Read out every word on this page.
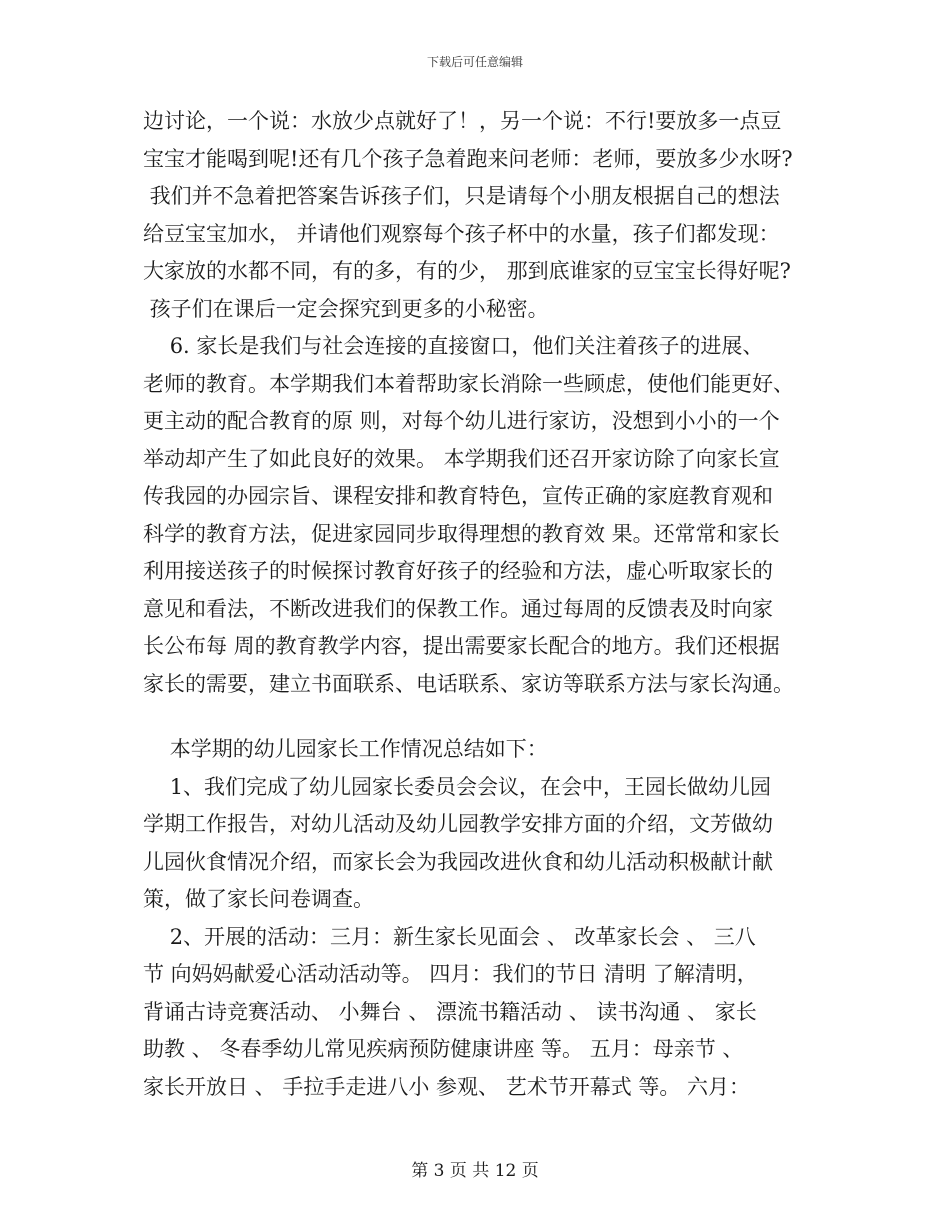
下载后可任意编辑
边讨论，一个说：水放少点就好了！，另一个说：不行!要放多一点豆
宝宝才能喝到呢!还有几个孩子急着跑来问老师：老师，要放多少水呀?
我们并不急着把答案告诉孩子们，只是请每个小朋友根据自己的想法
给豆宝宝加水， 并请他们观察每个孩子杯中的水量，孩子们都发现：
大家放的水都不同，有的多，有的少， 那到底谁家的豆宝宝长得好呢?
孩子们在课后一定会探究到更多的小秘密。
6. 家长是我们与社会连接的直接窗口，他们关注着孩子的进展、
老师的教育。本学期我们本着帮助家长消除一些顾虑，使他们能更好、
更主动的配合教育的原 则，对每个幼儿进行家访，没想到小小的一个
举动却产生了如此良好的效果。 本学期我们还召开家访除了向家长宣
传我园的办园宗旨、课程安排和教育特色，宣传正确的家庭教育观和
科学的教育方法，促进家园同步取得理想的教育效 果。还常常和家长
利用接送孩子的时候探讨教育好孩子的经验和方法，虚心听取家长的
意见和看法，不断改进我们的保教工作。通过每周的反馈表及时向家
长公布每 周的教育教学内容，提出需要家长配合的地方。我们还根据
家长的需要，建立书面联系、电话联系、家访等联系方法与家长沟通。
本学期的幼儿园家长工作情况总结如下：
1、我们完成了幼儿园家长委员会会议，在会中，王园长做幼儿园
学期工作报告，对幼儿活动及幼儿园教学安排方面的介绍，文芳做幼
儿园伙食情况介绍，而家长会为我园改进伙食和幼儿活动积极献计献
策，做了家长问卷调查。
2、开展的活动：三月：新生家长见面会 、 改革家长会 、 三八
节 向妈妈献爱心活动活动等。 四月：我们的节日 清明 了解清明，
背诵古诗竞赛活动、 小舞台 、 漂流书籍活动 、 读书沟通 、 家长
助教 、 冬春季幼儿常见疾病预防健康讲座 等。 五月：母亲节 、
家长开放日 、 手拉手走进八小 参观、 艺术节开幕式 等。 六月：
第 3 页 共 12 页
